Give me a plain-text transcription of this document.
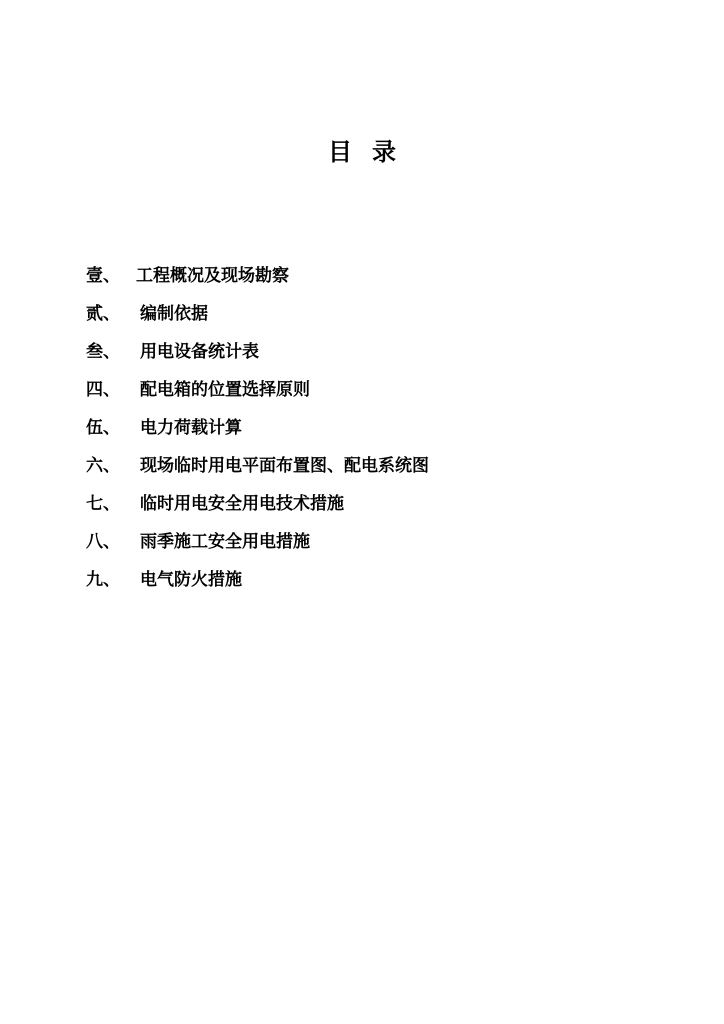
目录
壹、 工程概况及现场勘察
贰、	编制依据
叁、	用电设备统计表
四、	配电箱的位置选择原则
伍、	电力荷载计算
六、	现场临时用电平面布置图、配电系统图
七、	临时用电安全用电技术措施
八、	雨季施工安全用电措施
九、	电气防火措施
